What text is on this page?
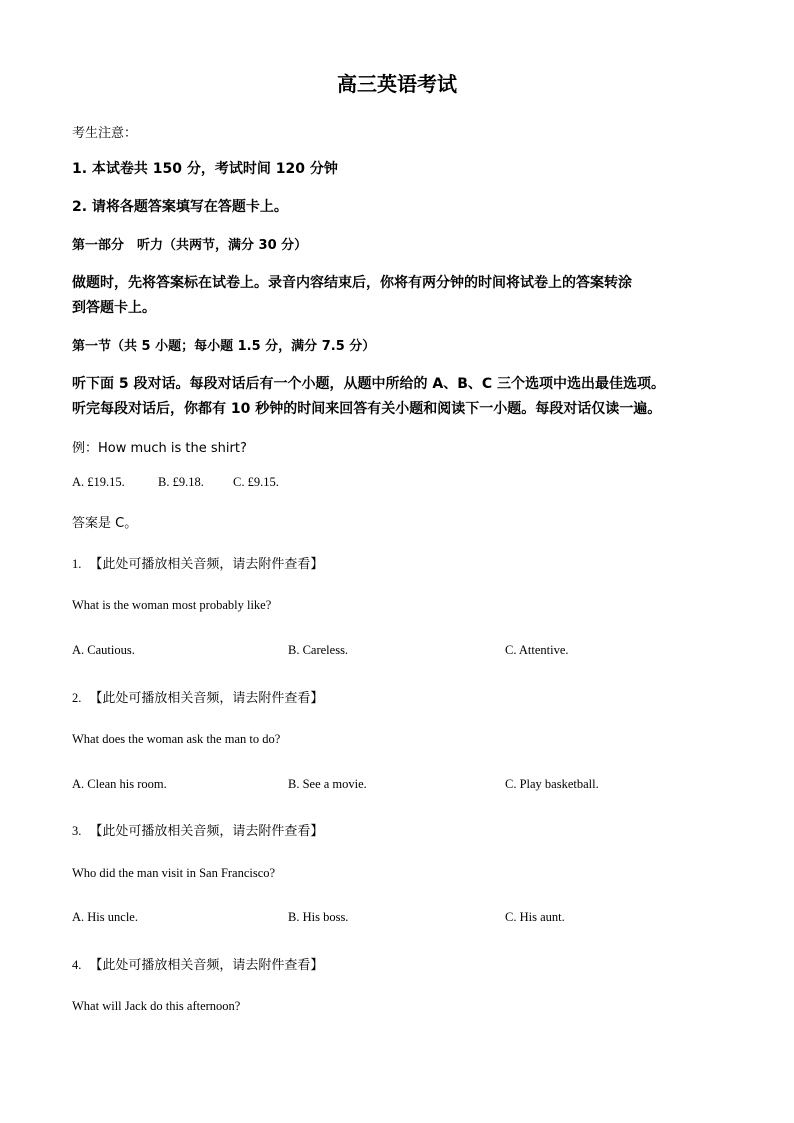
高三英语考试
考生注意：
1. 本试卷共 150 分，考试时间 120 分钟
2. 请将各题答案填写在答题卡上。
第一部分　听力（共两节，满分 30 分）
做题时，先将答案标在试卷上。录音内容结束后，你将有两分钟的时间将试卷上的答案转涂
到答题卡上。
第一节（共 5 小题；每小题 1.5 分，满分 7.5 分）
听下面 5 段对话。每段对话后有一个小题，从题中所给的 A、B、C 三个选项中选出最佳选项。
听完每段对话后，你都有 10 秒钟的时间来回答有关小题和阅读下一小题。每段对话仅读一遍。
例：How much is the shirt?
A. £19.15.	B. £9.18. C. £9.15.
答案是 C。
1. 【此处可播放相关音频，请去附件查看】
What is the woman most probably like?
A. Cautious.	B. Careless.	C. Attentive.
2. 【此处可播放相关音频，请去附件查看】
What does the woman ask the man to do?
A. Clean his room.	B. See a movie.	C. Play basketball.
3. 【此处可播放相关音频，请去附件查看】
Who did the man visit in San Francisco?
A. His uncle.	B. His boss.	C. His aunt.
4. 【此处可播放相关音频，请去附件查看】
What will Jack do this afternoon?
